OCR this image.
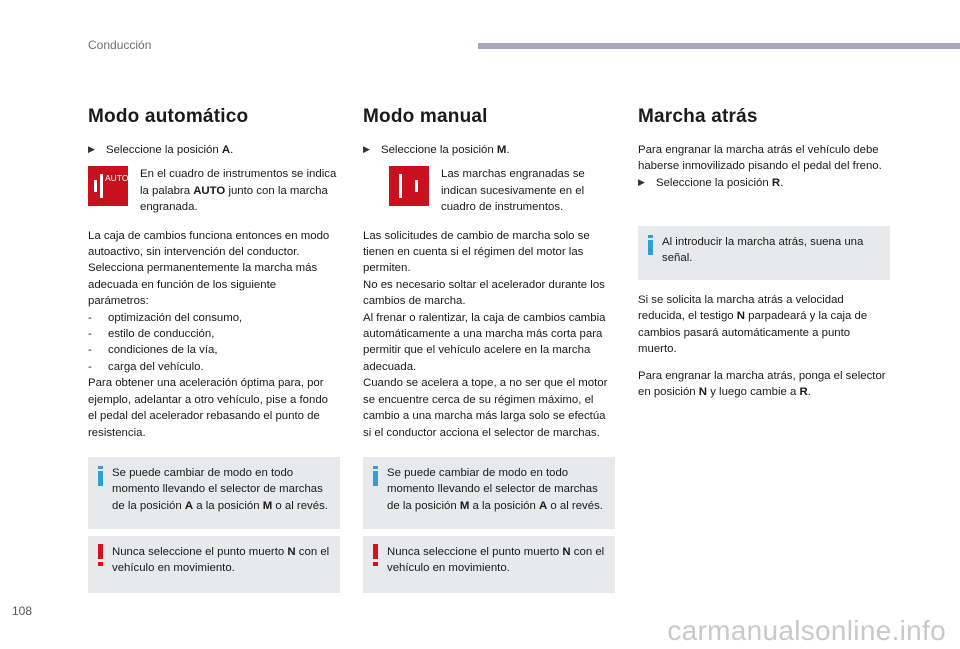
Conducción
Modo automático
▶ Seleccione la posición A.

AUTO En el cuadro de instrumentos se indica la palabra AUTO junto con la marcha engranada.

La caja de cambios funciona entonces en modo autoactivo, sin intervención del conductor. Selecciona permanentemente la marcha más adecuada en función de los siguiente parámetros:

- optimización del consumo,
- estilo de conducción,
- condiciones de la vía,
- carga del vehículo.

Para obtener una aceleración óptima para, por ejemplo, adelantar a otro vehículo, pise a fondo el pedal del acelerador rebasando el punto de resistencia.

Se puede cambiar de modo en todo momento llevando el selector de marchas de la posición A a la posición M o al revés.

Nunca seleccione el punto muerto N con el vehículo en movimiento.

Modo manual
▶ Seleccione la posición M.

Las marchas engranadas se indican sucesivamente en el cuadro de instrumentos.

Las solicitudes de cambio de marcha solo se tienen en cuenta si el régimen del motor las permiten.

No es necesario soltar el acelerador durante los cambios de marcha.

Al frenar o ralentizar, la caja de cambios cambia automáticamente a una marcha más corta para permitir que el vehículo acelere en la marcha adecuada.

Cuando se acelera a tope, a no ser que el motor se encuentre cerca de su régimen máximo, el cambio a una marcha más larga solo se efectúa si el conductor acciona el selector de marchas.

Se puede cambiar de modo en todo momento llevando el selector de marchas de la posición M a la posición A o al revés.

Nunca seleccione el punto muerto N con el vehículo en movimiento.

Marcha atrás

Para engranar la marcha atrás el vehículo debe haberse inmovilizado pisando el pedal del freno.

▶ Seleccione la posición R.

Al introducir la marcha atrás, suena una señal.

Si se solicita la marcha atrás a velocidad reducida, el testigo N parpadeará y la caja de cambios pasará automáticamente a punto muerto.

Para engranar la marcha atrás, ponga el selector en posición N y luego cambie a R.

108
carmanualsonline.info
